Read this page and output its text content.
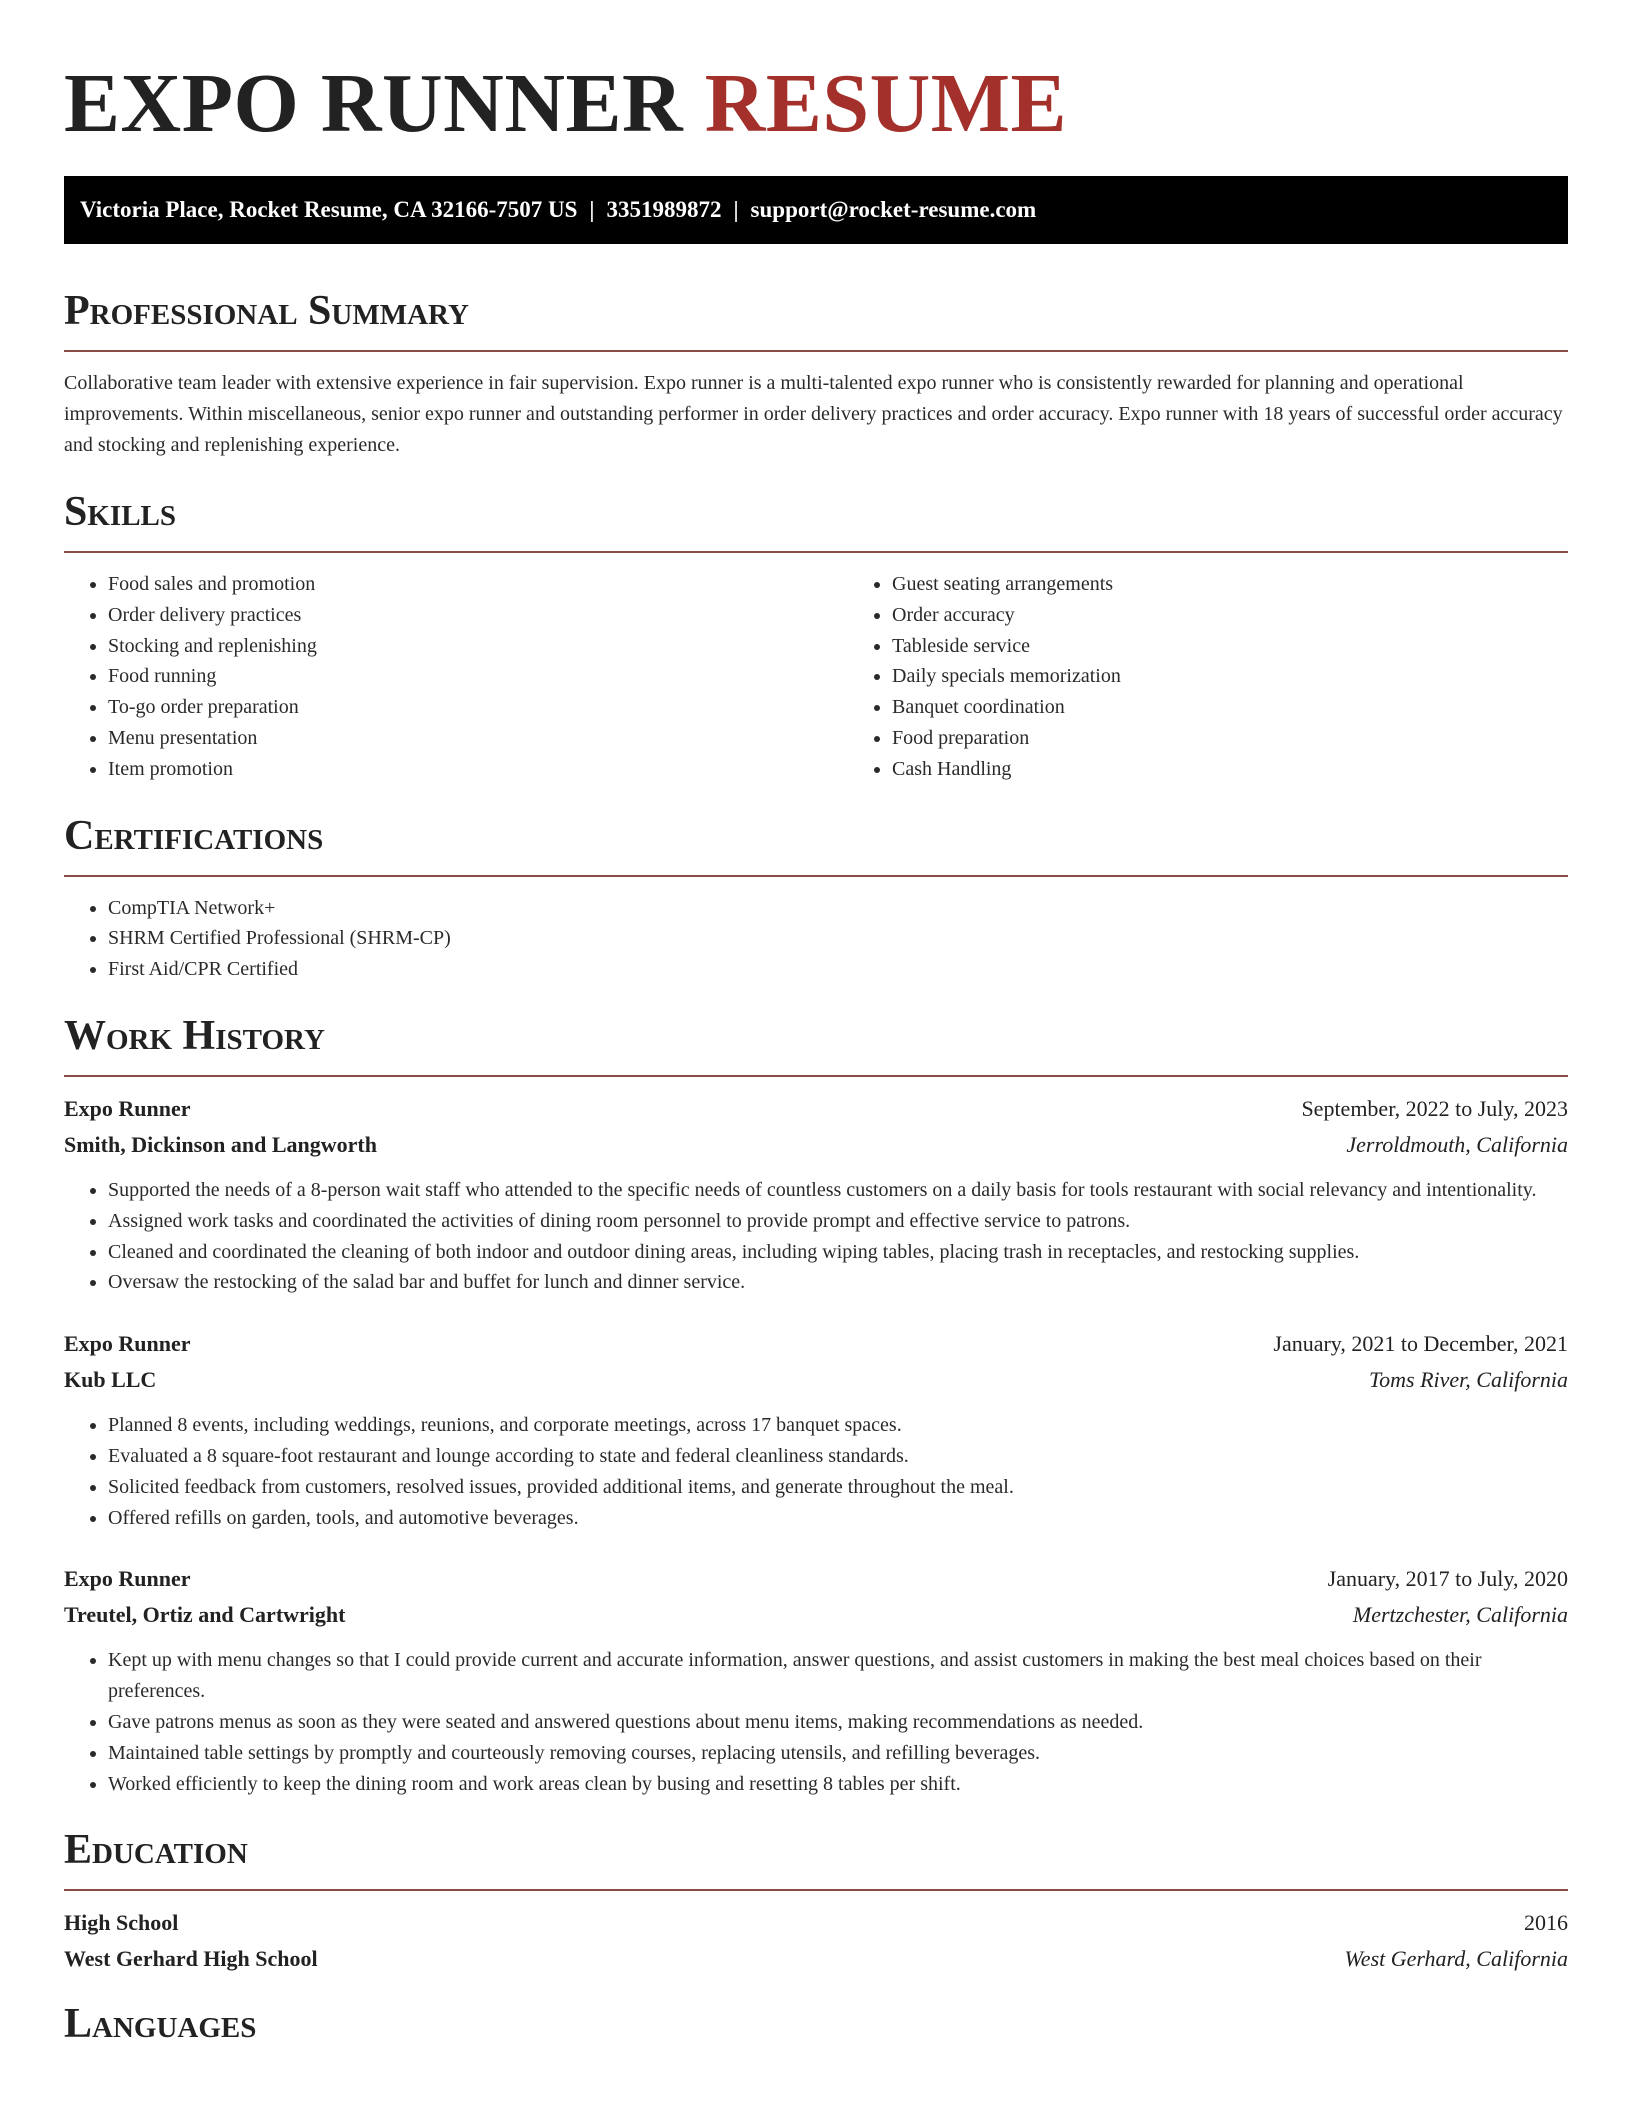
EXPO RUNNER RESUME
Victoria Place, Rocket Resume, CA 32166-7507 US | 3351989872 | support@rocket-resume.com
Professional Summary

Collaborative team leader with extensive experience in fair supervision. Expo runner is a multi-talented expo runner who is consistently rewarded for planning and operational improvements. Within miscellaneous, senior expo runner and outstanding performer in order delivery practices and order accuracy. Expo runner with 18 years of successful order accuracy and stocking and replenishing experience.

Skills
• Food sales and promotion
• Order delivery practices
• Stocking and replenishing
• Food running
• To-go order preparation
• Menu presentation
• Item promotion
• Guest seating arrangements
• Order accuracy
• Tableside service
• Daily specials memorization
• Banquet coordination
• Food preparation
• Cash Handling
Certifications
• CompTIA Network+
• SHRM Certified Professional (SHRM-CP)
• First Aid/CPR Certified
Work History
Expo Runner	September, 2022 to July, 2023
Smith, Dickinson and Langworth	Jerroldmouth, California
• Supported the needs of a 8-person wait staff who attended to the specific needs of countless customers on a daily basis for tools restaurant with social relevancy and intentionality.
• Assigned work tasks and coordinated the activities of dining room personnel to provide prompt and effective service to patrons.
• Cleaned and coordinated the cleaning of both indoor and outdoor dining areas, including wiping tables, placing trash in receptacles, and restocking supplies.
• Oversaw the restocking of the salad bar and buffet for lunch and dinner service.
Expo Runner	January, 2021 to December, 2021
Kub LLC	Toms River, California
• Planned 8 events, including weddings, reunions, and corporate meetings, across 17 banquet spaces.
• Evaluated a 8 square-foot restaurant and lounge according to state and federal cleanliness standards.
• Solicited feedback from customers, resolved issues, provided additional items, and generate throughout the meal.
• Offered refills on garden, tools, and automotive beverages.
Expo Runner	January, 2017 to July, 2020
Treutel, Ortiz and Cartwright	Mertzchester, California
• Kept up with menu changes so that I could provide current and accurate information, answer questions, and assist customers in making the best meal choices based on their preferences.
• Gave patrons menus as soon as they were seated and answered questions about menu items, making recommendations as needed.
• Maintained table settings by promptly and courteously removing courses, replacing utensils, and refilling beverages.
• Worked efficiently to keep the dining room and work areas clean by busing and resetting 8 tables per shift.
Education
High School	2016
West Gerhard High School	West Gerhard, California
Languages
